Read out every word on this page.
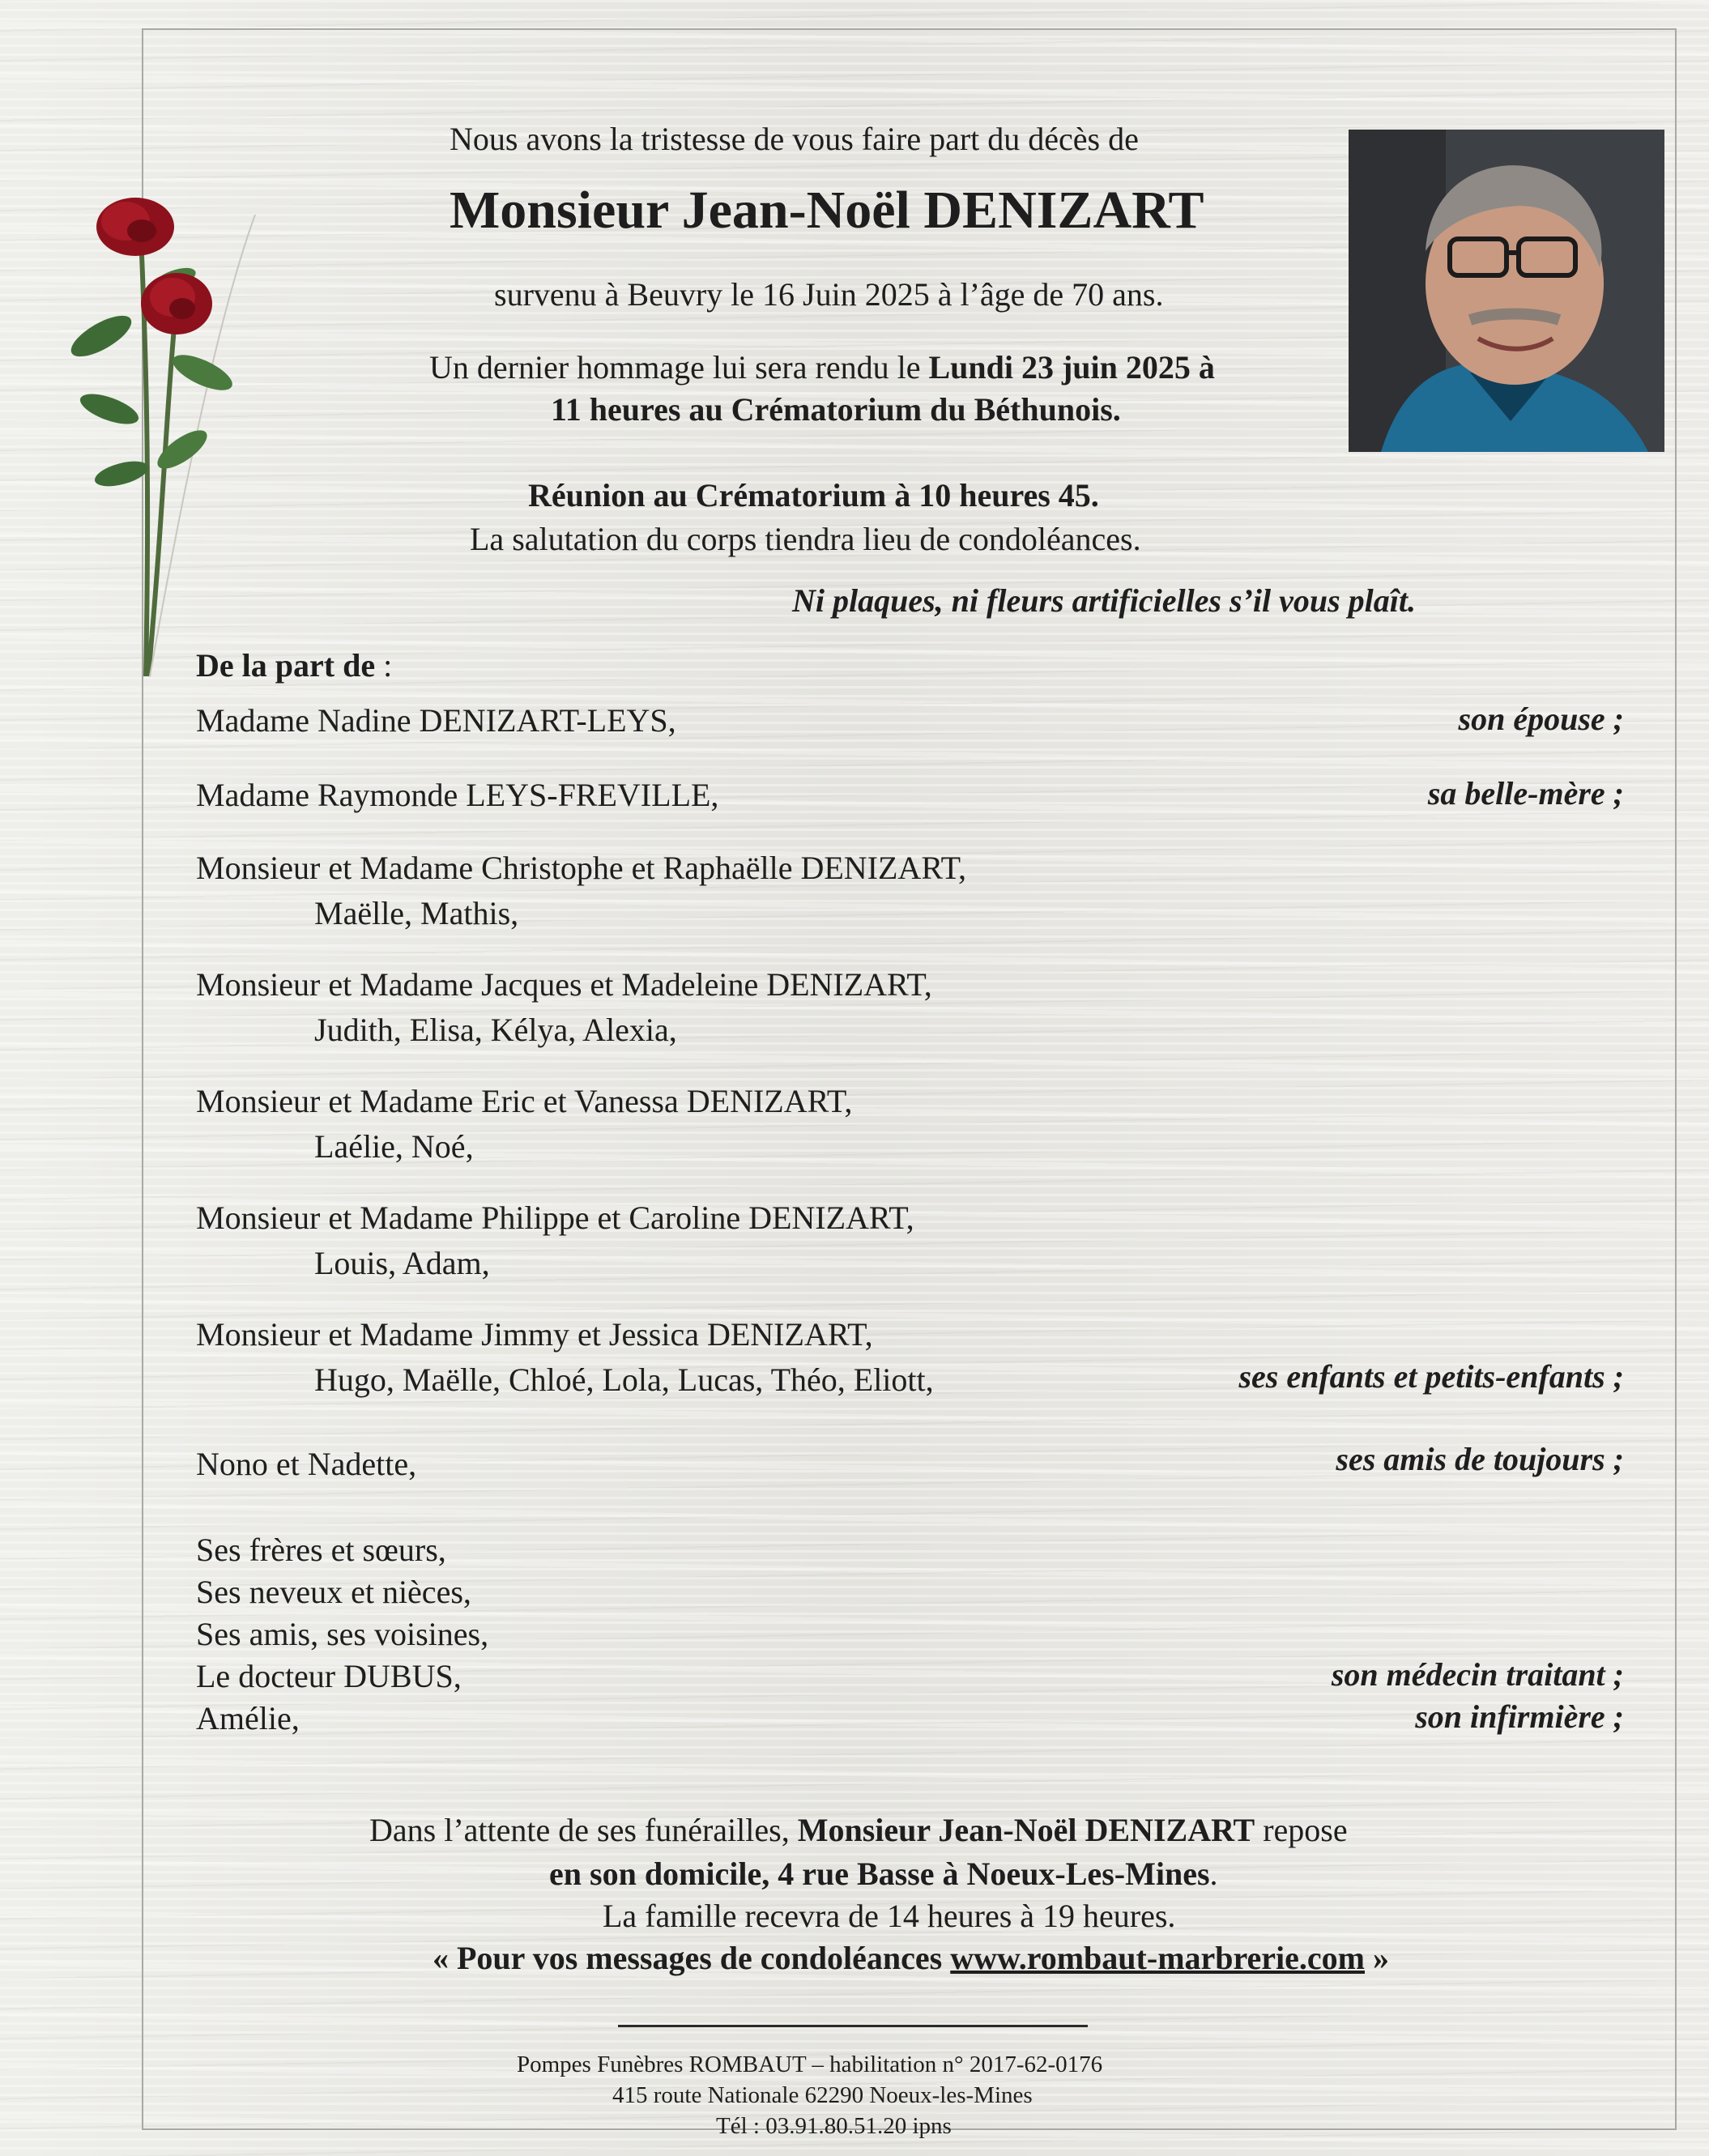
Nous avons la tristesse de vous faire part du décès de
Monsieur Jean-Noël DENIZART
survenu à Beuvry le 16 Juin 2025 à l’âge de 70 ans.
Un dernier hommage lui sera rendu le Lundi 23 juin 2025 à
11 heures au Crématorium du Béthunois.
Réunion au Crématorium à 10 heures 45.
La salutation du corps tiendra lieu de condoléances.
Ni plaques, ni fleurs artificielles s’il vous plaît.
De la part de :
Madame Nadine DENIZART-LEYS,	son épouse ;
Madame Raymonde LEYS-FREVILLE,	sa belle-mère ;
Monsieur et Madame Christophe et Raphaëlle DENIZART,
Maëlle, Mathis,
Monsieur et Madame Jacques et Madeleine DENIZART,
Judith, Elisa, Kélya, Alexia,
Monsieur et Madame Eric et Vanessa DENIZART,
Laélie, Noé,
Monsieur et Madame Philippe et Caroline DENIZART,
Louis, Adam,
Monsieur et Madame Jimmy et Jessica DENIZART,
Hugo, Maëlle, Chloé, Lola, Lucas, Théo, Eliott,	ses enfants et petits-enfants ;
Nono et Nadette,	ses amis de toujours ;
Ses frères et sœurs,
Ses neveux et nièces,
Ses amis, ses voisines,
Le docteur DUBUS,	son médecin traitant ;
Amélie,	son infirmière ;
Dans l’attente de ses funérailles, Monsieur Jean-Noël DENIZART repose
en son domicile, 4 rue Basse à Noeux-Les-Mines.
La famille recevra de 14 heures à 19 heures.
« Pour vos messages de condoléances www.rombaut-marbrerie.com »
Pompes Funèbres ROMBAUT – habilitation n° 2017-62-0176
415 route Nationale 62290 Noeux-les-Mines
Tél : 03.91.80.51.20 ipns
